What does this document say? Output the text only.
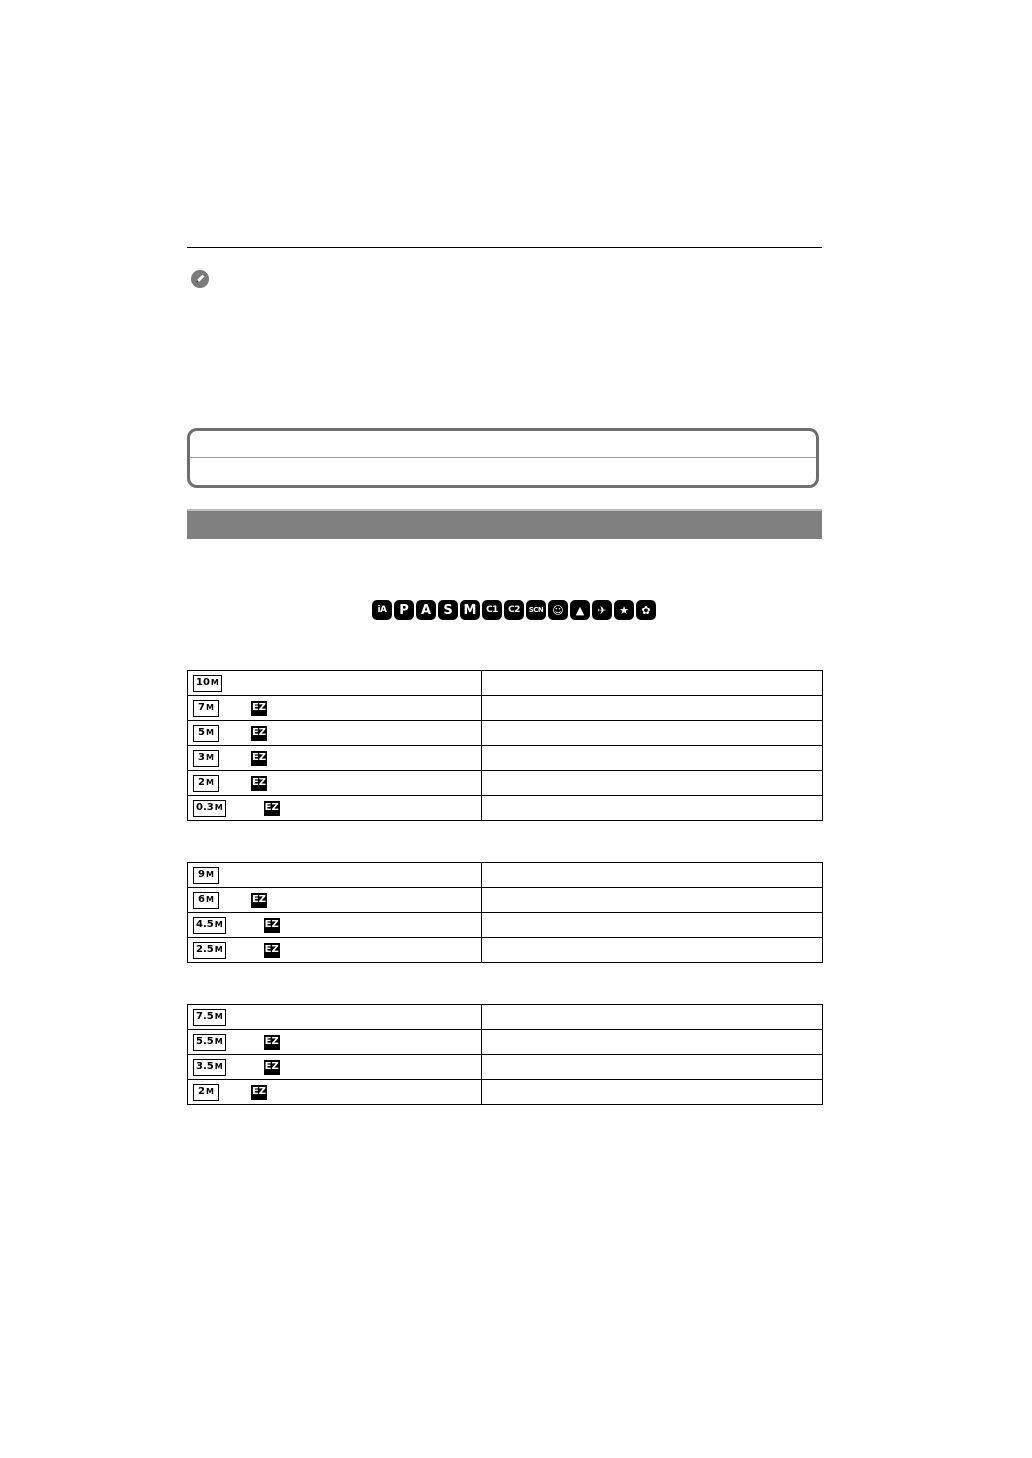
iA P A S M	C1	C2	SCN ☺	▲	✈	★	✿
10 M	

7 M EZ	

5 M EZ	

3 M EZ	

2 M EZ	

0.3 M EZ	

9 M	

6 M EZ	

4.5 M EZ	

2.5 M EZ	

7.5 M	

5.5 M EZ	

3.5 M EZ	

2 M EZ	
